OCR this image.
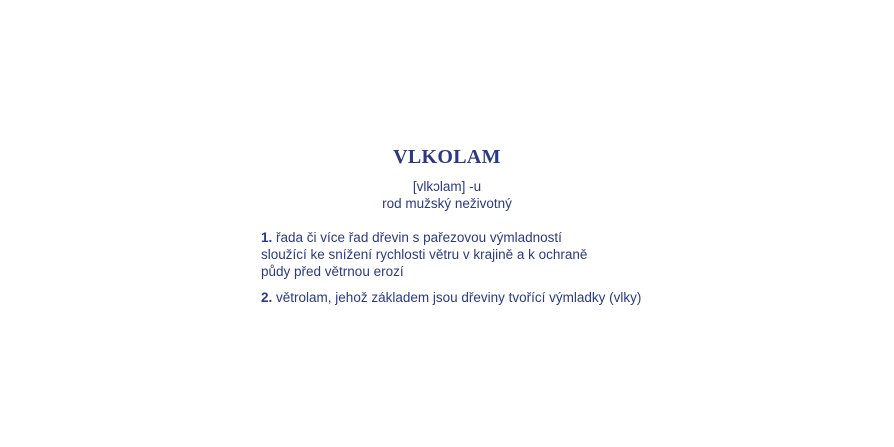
VLKOLAM
[vlkɔlam] -u
rod mužský neživotný
1. řada či více řad dřevin s pařezovou výmladností sloužící ke snížení rychlosti větru v krajině a k ochraně půdy před větrnou erozí
2. větrolam, jehož základem jsou dřeviny tvořící výmladky (vlky)
